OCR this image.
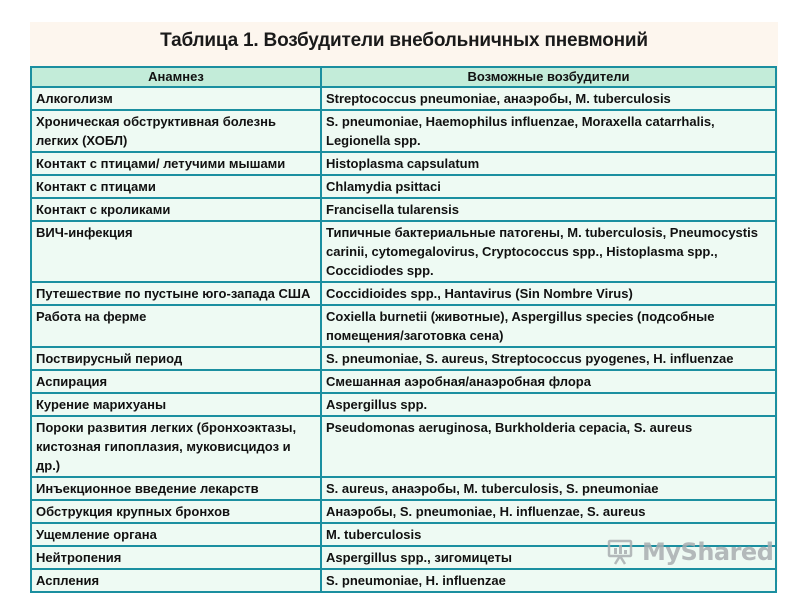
Таблица 1. Возбудители внебольничных пневмоний
Анамнез	Возможные возбудители
Алкоголизм	Streptococcus pneumoniae, анаэробы, M. tuberculosis
Хроническая обструктивная болезнь легких (ХОБЛ)	S. pneumoniae, Haemophilus influenzae, Moraxella catarrhalis, Legionella spp.
Контакт с птицами/ летучими мышами	Histoplasma capsulatum
Контакт с птицами	Chlamydia psittaci
Контакт с кроликами	Francisella tularensis
ВИЧ-инфекция	Типичные бактериальные патогены, M. tuberculosis, Pneumocystis carinii, cytomegalovirus, Cryptococcus spp., Histoplasma spp., Coccidiodes spp.
Путешествие по пустыне юго-запада США	Coccidioides spp., Hantavirus (Sin Nombre Virus)
Работа на ферме	Coxiella burnetii (животные), Aspergillus species (подсобные помещения/заготовка сена)
Поствирусный период	S. pneumoniae, S. aureus, Streptococcus pyogenes, H. influenzae
Аспирация	Смешанная аэробная/анаэробная флора
Курение марихуаны	Aspergillus spp.
Пороки развития легких (бронхоэктазы, кистозная гипоплазия, муковисцидоз и др.)	Pseudomonas aeruginosa, Burkholderia cepacia, S. aureus
Инъекционное введение лекарств	S. aureus, анаэробы, M. tuberculosis, S. pneumoniae
Обструкция крупных бронхов	Анаэробы, S. pneumoniae, H. influenzae, S. aureus
Ущемление органа	M. tuberculosis
Нейтропения	Aspergillus spp., зигомицеты
Аспления	S. pneumoniae, H. influenzae
MyShared
